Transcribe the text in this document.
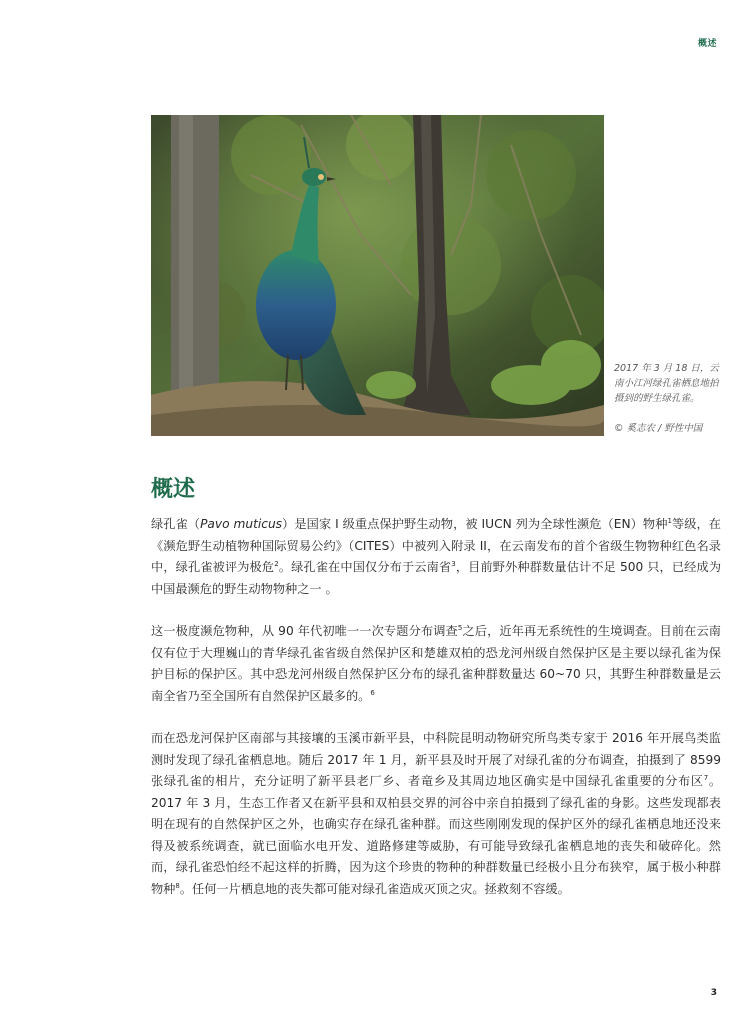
概述
2017 年 3 月 18 日，云南小江河绿孔雀栖息地拍摄到的野生绿孔雀。
© 奚志农 / 野性中国
概述

绿孔雀（Pavo muticus）是国家 I 级重点保护野生动物，被 IUCN 列为全球性濒危（EN）物种$^1$等级，在《濒危野生动植物种国际贸易公约》（CITES）中被列入附录 II，在云南发布的首个省级生物物种红色名录中，绿孔雀被评为极危$^2$。绿孔雀在中国仅分布于云南省$^3$，目前野外种群数量估计不足 500 只，已经成为中国最濒危的野生动物物种之一 。

这一极度濒危物种，从 90 年代初唯一一次专题分布调查$^5$之后，近年再无系统性的生境调查。目前在云南仅有位于大理巍山的青华绿孔雀省级自然保护区和楚雄双柏的恐龙河州级自然保护区是主要以绿孔雀为保护目标的保护区。其中恐龙河州级自然保护区分布的绿孔雀种群数量达 60~70 只，其野生种群数量是云南全省乃至全国所有自然保护区最多的。$^6$

而在恐龙河保护区南部与其接壤的玉溪市新平县，中科院昆明动物研究所鸟类专家于 2016 年开展鸟类监测时发现了绿孔雀栖息地。随后 2017 年 1 月，新平县及时开展了对绿孔雀的分布调查，拍摄到了 8599 张绿孔雀的相片，充分证明了新平县老厂乡、者竜乡及其周边地区确实是中国绿孔雀重要的分布区$^7$。2017 年 3 月，生态工作者又在新平县和双柏县交界的河谷中亲自拍摄到了绿孔雀的身影。这些发现都表明在现有的自然保护区之外，也确实存在绿孔雀种群。而这些刚刚发现的保护区外的绿孔雀栖息地还没来得及被系统调查，就已面临水电开发、道路修建等威胁，有可能导致绿孔雀栖息地的丧失和破碎化。然而，绿孔雀恐怕经不起这样的折腾，因为这个珍贵的物种的种群数量已经极小且分布狭窄，属于极小种群物种$^8$。任何一片栖息地的丧失都可能对绿孔雀造成灭顶之灾。拯救刻不容缓。

3
